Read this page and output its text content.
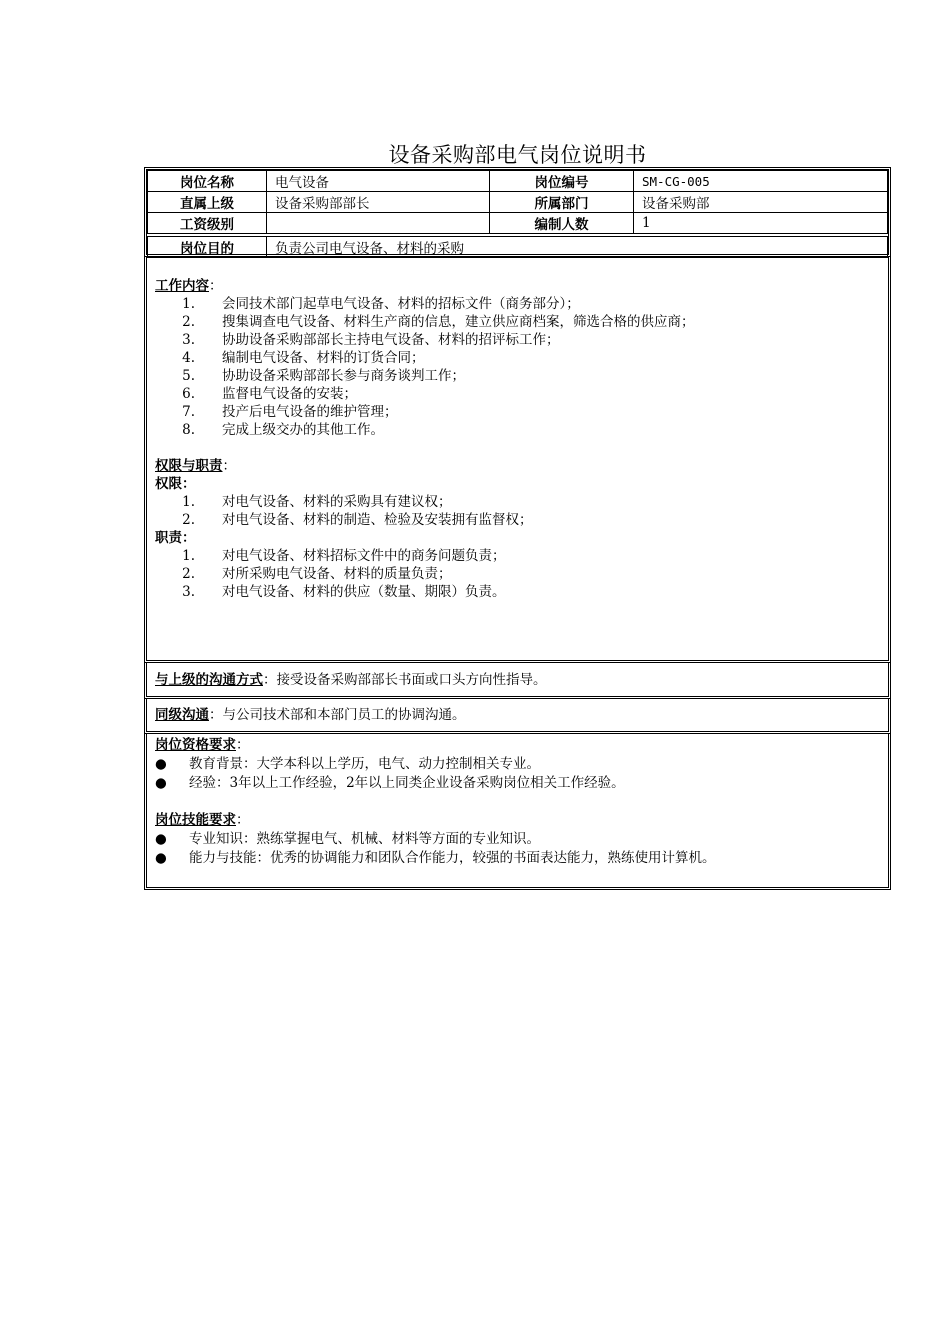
设备采购部电气岗位说明书
岗位名称	电气设备	岗位编号	SM-CG-005
直属上级	设备采购部部长	所属部门	设备采购部
工资级别		编制人数	1
岗位目的	负责公司电气设备、材料的采购
工作内容：
1.	会同技术部门起草电气设备、材料的招标文件（商务部分）；
2.	搜集调查电气设备、材料生产商的信息，建立供应商档案，筛选合格的供应商；
3.	协助设备采购部部长主持电气设备、材料的招评标工作；
4.	编制电气设备、材料的订货合同；
5.	协助设备采购部部长参与商务谈判工作；
6.	监督电气设备的安装；
7.	投产后电气设备的维护管理；
8.	完成上级交办的其他工作。
权限与职责：
权限：
1.	对电气设备、材料的采购具有建议权；
2.	对电气设备、材料的制造、检验及安装拥有监督权；
职责：
1.	对电气设备、材料招标文件中的商务问题负责；
2.	对所采购电气设备、材料的质量负责；
3.	对电气设备、材料的供应（数量、期限）负责。
与上级的沟通方式 ：接受设备采购部部长书面或口头方向性指导。
同级沟通 ：与公司技术部和本部门员工的协调沟通。
岗位资格要求：
●	教育背景：大学本科以上学历，电气、动力控制相关专业。
●	经验：3年以上工作经验，2年以上同类企业设备采购岗位相关工作经验。
岗位技能要求：
●	专业知识：熟练掌握电气、机械、材料等方面的专业知识。
●	能力与技能：优秀的协调能力和团队合作能力，较强的书面表达能力，熟练使用计算机。
